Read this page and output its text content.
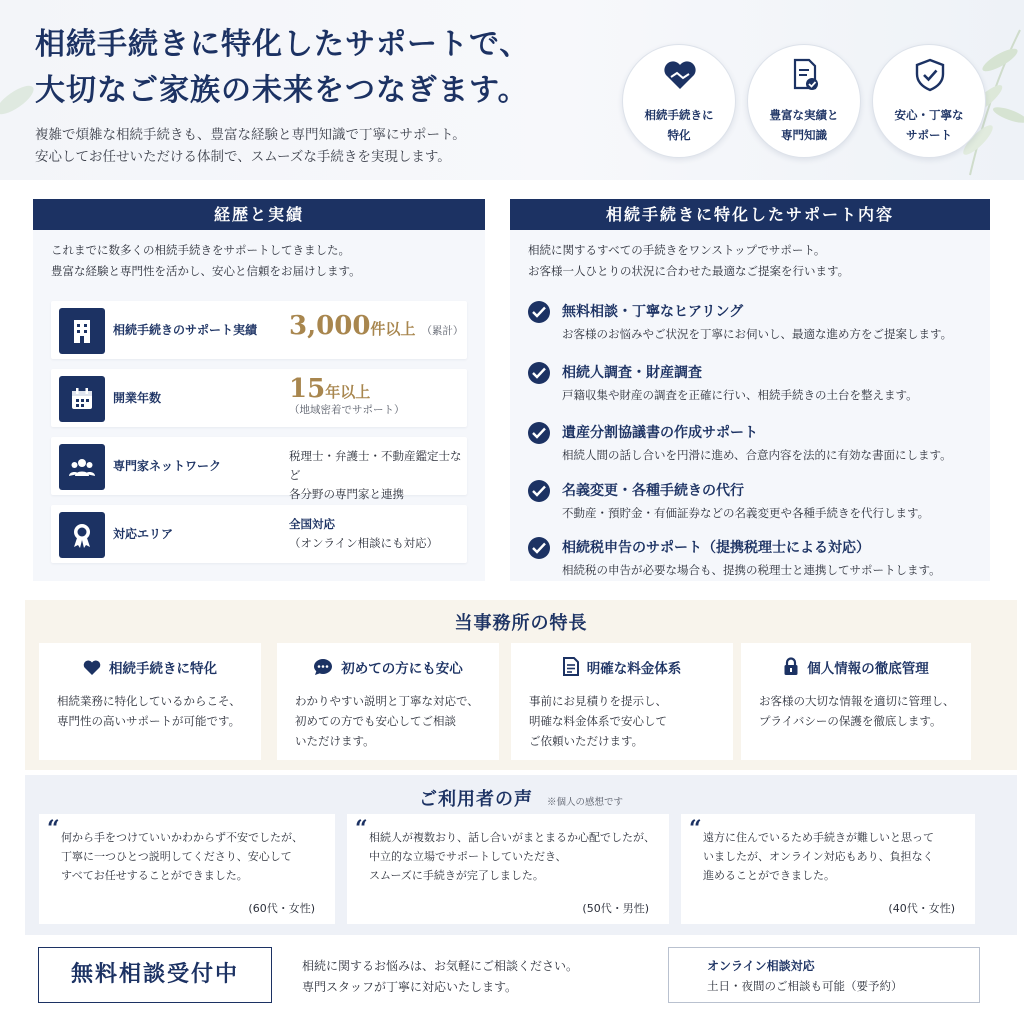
相続手続きに特化したサポートで、
大切なご家族の未来をつなぎます。
複雑で煩雑な相続手続きも、豊富な経験と専門知識で丁寧にサポート。
安心してお任せいただける体制で、スムーズな手続きを実現します。
相続手続きに
特化
豊富な実績と
専門知識
安心・丁寧な
サポート
経歴と実績
これまでに数多くの相続手続きをサポートしてきました。
豊富な経験と専門性を活かし、安心と信頼をお届けします。
相続手続きのサポート実績 3,000件以上 （累計）
開業年数	15年以上
（地域密着でサポート）
専門家ネットワーク
税理士・弁護士・不動産鑑定士など
各分野の専門家と連携
対応エリア
全国対応
（オンライン相談にも対応）
相続手続きに特化したサポート内容
相続に関するすべての手続きをワンストップでサポート。
お客様一人ひとりの状況に合わせた最適なご提案を行います。
無料相談・丁寧なヒアリング
お客様のお悩みやご状況を丁寧にお伺いし、最適な進め方をご提案します。
相続人調査・財産調査
戸籍収集や財産の調査を正確に行い、相続手続きの土台を整えます。
遺産分割協議書の作成サポート
相続人間の話し合いを円滑に進め、合意内容を法的に有効な書面にします。
名義変更・各種手続きの代行
不動産・預貯金・有価証券などの名義変更や各種手続きを代行します。
相続税申告のサポート（提携税理士による対応）
相続税の申告が必要な場合も、提携の税理士と連携してサポートします。
当事務所の特長
相続手続きに特化
相続業務に特化しているからこそ、
専門性の高いサポートが可能です。
初めての方にも安心
わかりやすい説明と丁寧な対応で、
初めての方でも安心してご相談
いただけます。
明確な料金体系
事前にお見積りを提示し、
明確な料金体系で安心して
ご依頼いただけます。
個人情報の徹底管理
お客様の大切な情報を適切に管理し、
プライバシーの保護を徹底します。
ご利用者の声 ※個人の感想です
“ 何から手をつけていいかわからず不安でしたが、
丁寧に一つひとつ説明してくださり、安心して
すべてお任せすることができました。
(60代・女性)
“ 相続人が複数おり、話し合いがまとまるか心配でしたが、
中立的な立場でサポートしていただき、
スムーズに手続きが完了しました。
(50代・男性)
“ 遠方に住んでいるため手続きが難しいと思って
いましたが、オンライン対応もあり、負担なく
進めることができました。
(40代・女性)
無料相談受付中	相続に関するお悩みは、お気軽にご相談ください。
専門スタッフが丁寧に対応いたします。
オンライン相談対応
土日・夜間のご相談も可能（要予約）
